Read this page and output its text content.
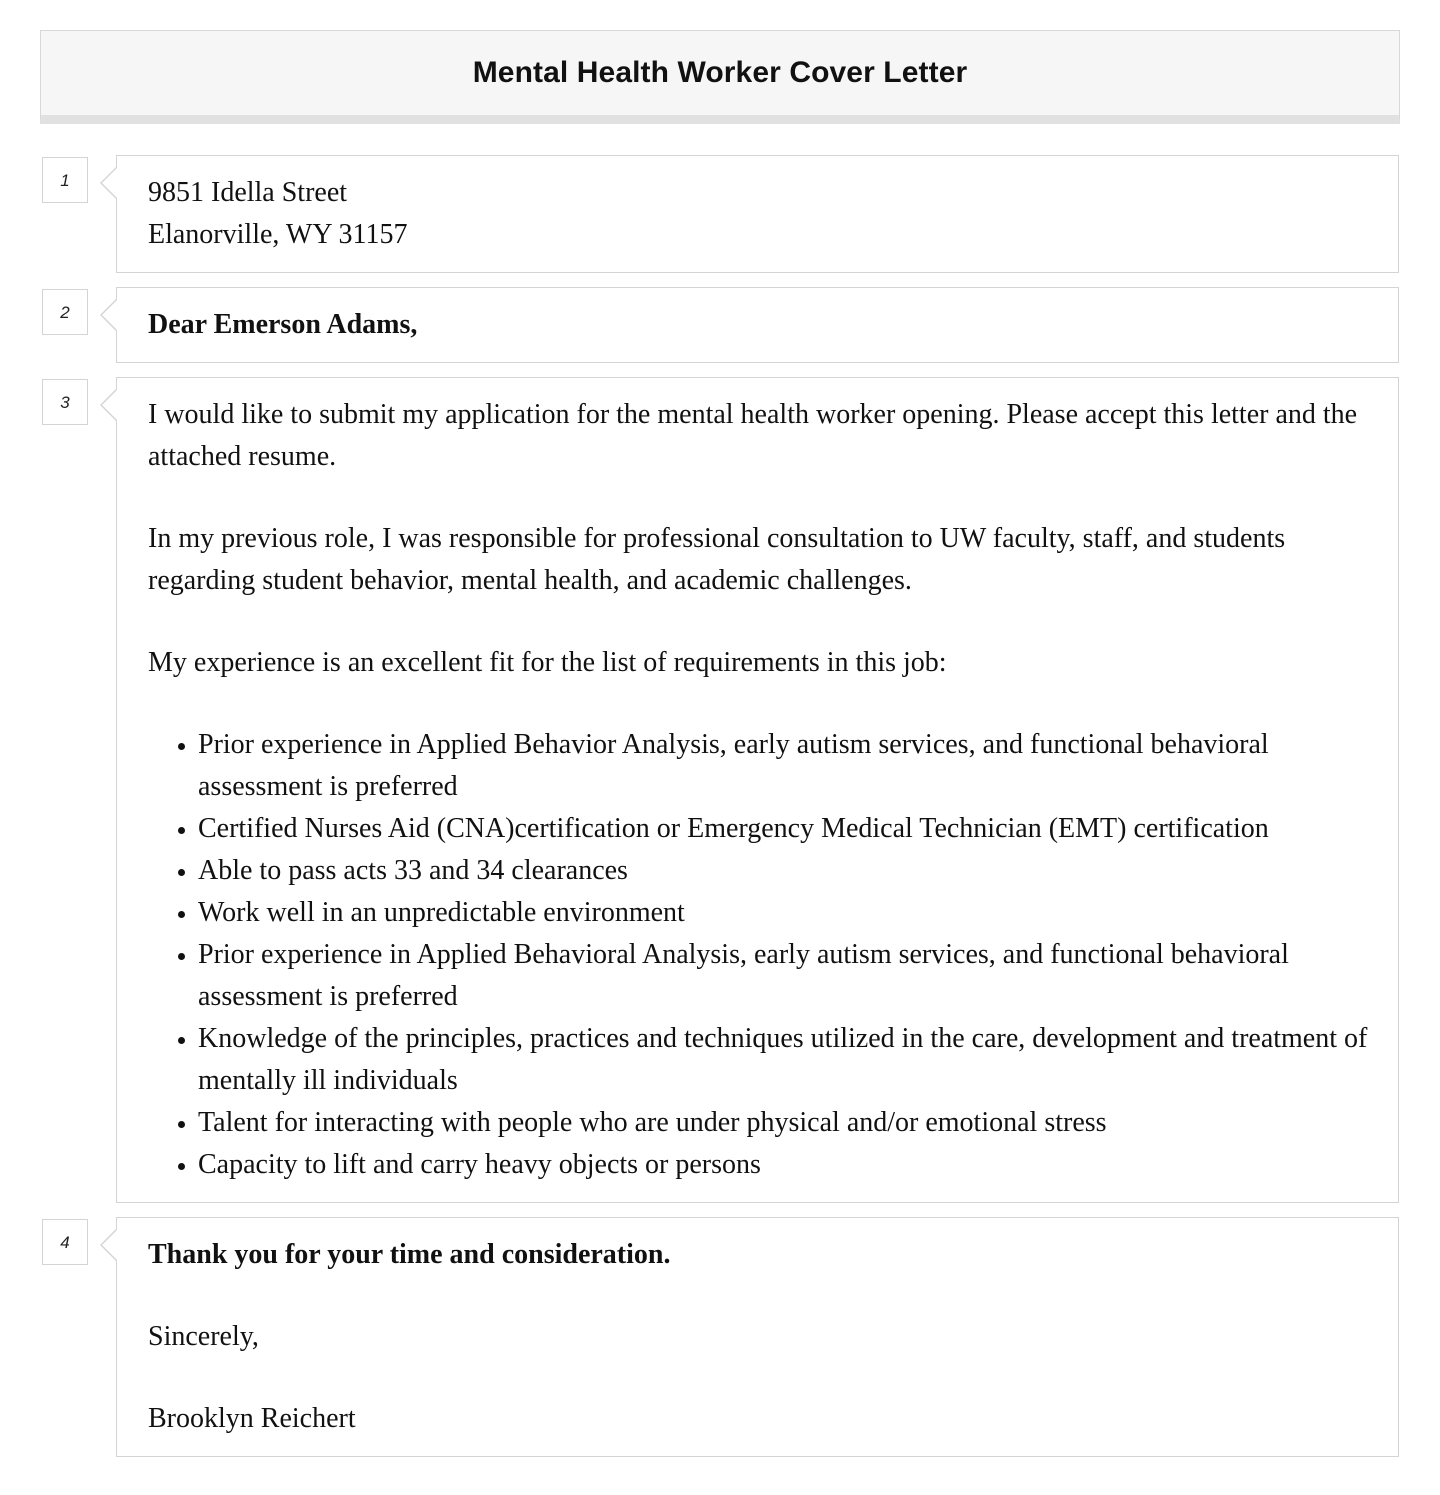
Mental Health Worker Cover Letter
1	9851 Idella Street
Elanorville, WY 31157
2	Dear Emerson Adams,
3	I would like to submit my application for the mental health worker opening. Please accept this letter and the attached resume.

In my previous role, I was responsible for professional consultation to UW faculty, staff, and students regarding student behavior, mental health, and academic challenges.

My experience is an excellent fit for the list of requirements in this job:

• Prior experience in Applied Behavior Analysis, early autism services, and functional behavioral assessment is preferred
• Certified Nurses Aid (CNA)certification or Emergency Medical Technician (EMT) certification
• Able to pass acts 33 and 34 clearances
• Work well in an unpredictable environment
• Prior experience in Applied Behavioral Analysis, early autism services, and functional behavioral assessment is preferred
• Knowledge of the principles, practices and techniques utilized in the care, development and treatment of mentally ill individuals
• Talent for interacting with people who are under physical and/or emotional stress
• Capacity to lift and carry heavy objects or persons
4	Thank you for your time and consideration.

Sincerely,

Brooklyn Reichert
